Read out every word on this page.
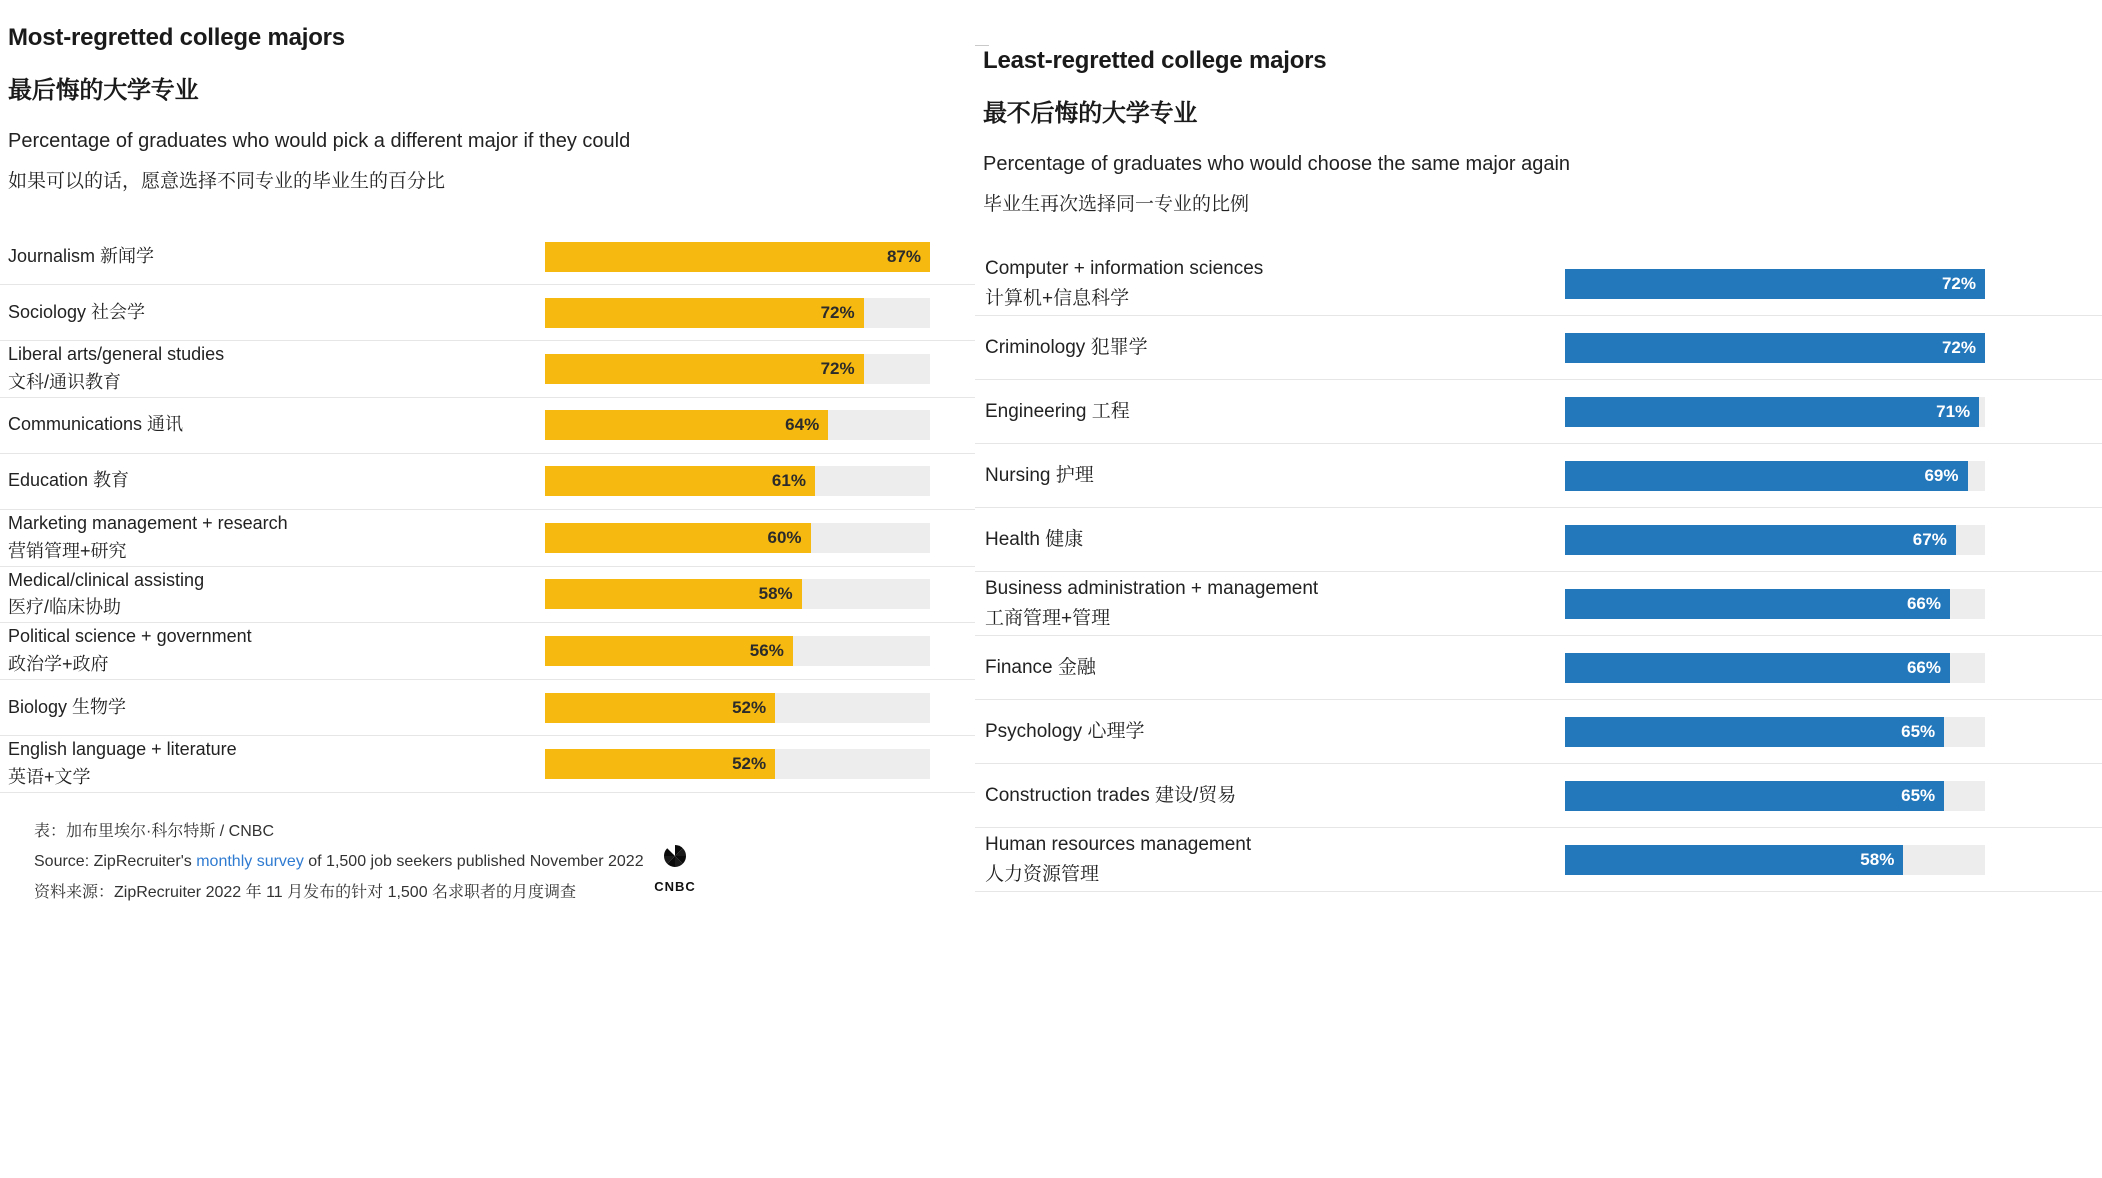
Most-regretted college majors
最后悔的大学专业
Percentage of graduates who would pick a different major if they could
如果可以的话，愿意选择不同专业的毕业生的百分比
Journalism 新闻学	87%
Sociology 社会学	72%
Liberal arts/general studies
文科/通识教育
72%
Communications 通讯	64%
Education 教育	61%
Marketing management + research
营销管理+研究
60%
Medical/clinical assisting
医疗/临床协助
58%
Political science + government
政治学+政府
56%
Biology 生物学	52%
English language + literature
英语+文学
52%
表：加布里埃尔·科尔特斯 / CNBC
Source: ZipRecruiter's monthly survey of 1,500 job seekers published November 2022
资料来源：ZipRecruiter 2022 年 11 月发布的针对 1,500 名求职者的月度调查	CNBC
Least-regretted college majors
最不后悔的大学专业
Percentage of graduates who would choose the same major again
毕业生再次选择同一专业的比例
Computer + information sciences
计算机+信息科学
72%
Criminology 犯罪学	72%
Engineering 工程	71%
Nursing 护理	69%
Health 健康	67%
Business administration + management
工商管理+管理
66%
Finance 金融	66%
Psychology 心理学	65%
Construction trades 建设/贸易	65%
Human resources management
人力资源管理
58%
